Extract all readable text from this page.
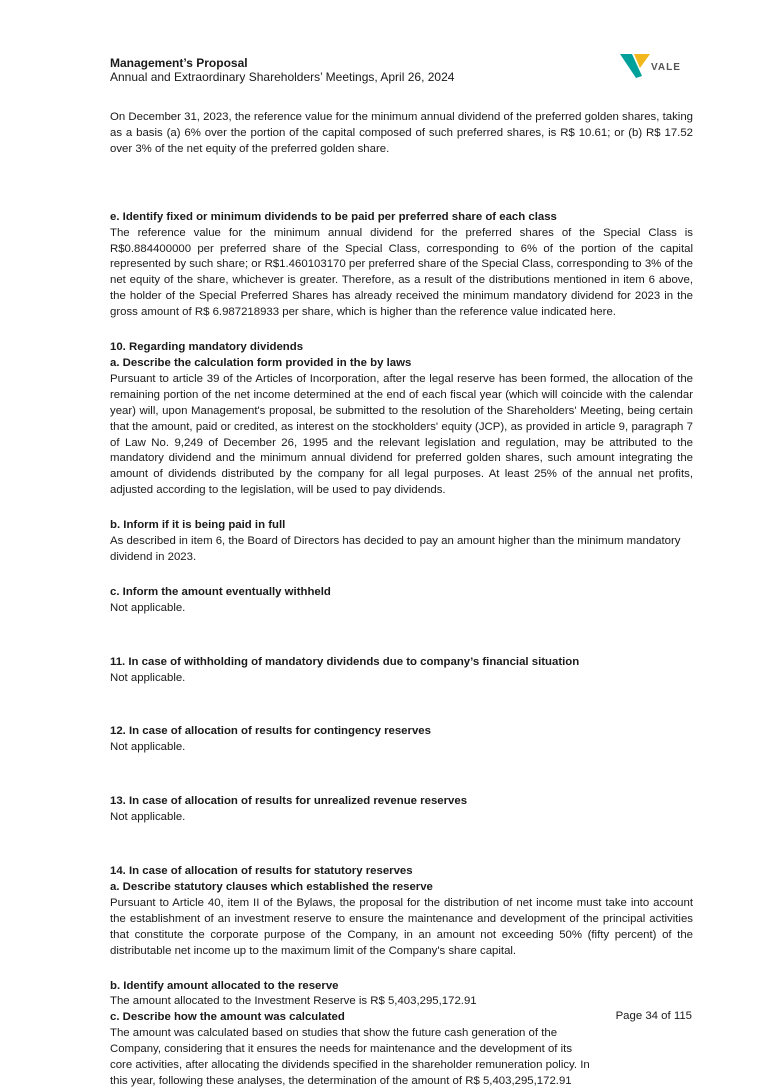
Management’s Proposal
Annual and Extraordinary Shareholders’ Meetings, April 26, 2024
VALE

On December 31, 2023, the reference value for the minimum annual dividend of the preferred golden shares, taking as a basis (a) 6% over the portion of the capital composed of such preferred shares, is R$ 10.61; or (b) R$ 17.52 over 3% of the net equity of the preferred golden share.

e. Identify fixed or minimum dividends to be paid per preferred share of each class

The reference value for the minimum annual dividend for the preferred shares of the Special Class is R$0.884400000 per preferred share of the Special Class, corresponding to 6% of the portion of the capital represented by such share; or R$1.460103170 per preferred share of the Special Class, corresponding to 3% of the net equity of the share, whichever is greater. Therefore, as a result of the distributions mentioned in item 6 above, the holder of the Special Preferred Shares has already received the minimum mandatory dividend for 2023 in the gross amount of R$ 6.987218933 per share, which is higher than the reference value indicated here.

10. Regarding mandatory dividends

a. Describe the calculation form provided in the by laws

Pursuant to article 39 of the Articles of Incorporation, after the legal reserve has been formed, the allocation of the remaining portion of the net income determined at the end of each fiscal year (which will coincide with the calendar year) will, upon Management's proposal, be submitted to the resolution of the Shareholders' Meeting, being certain that the amount, paid or credited, as interest on the stockholders' equity (JCP), as provided in article 9, paragraph 7 of Law No. 9,249 of December 26, 1995 and the relevant legislation and regulation, may be attributed to the mandatory dividend and the minimum annual dividend for preferred golden shares, such amount integrating the amount of dividends distributed by the company for all legal purposes. At least 25% of the annual net profits, adjusted according to the legislation, will be used to pay dividends.

b. Inform if it is being paid in full

As described in item 6, the Board of Directors has decided to pay an amount higher than the minimum mandatory dividend in 2023.

c. Inform the amount eventually withheld

Not applicable.

11. In case of withholding of mandatory dividends due to company’s financial situation

Not applicable.

12. In case of allocation of results for contingency reserves

Not applicable.

13. In case of allocation of results for unrealized revenue reserves

Not applicable.

14. In case of allocation of results for statutory reserves

a. Describe statutory clauses which established the reserve

Pursuant to Article 40, item II of the Bylaws, the proposal for the distribution of net income must take into account the establishment of an investment reserve to ensure the maintenance and development of the principal activities that constitute the corporate purpose of the Company, in an amount not exceeding 50% (fifty percent) of the distributable net income up to the maximum limit of the Company's share capital.

b. Identify amount allocated to the reserve

The amount allocated to the Investment Reserve is R$ 5,403,295,172.91

c. Describe how the amount was calculated

The amount was calculated based on studies that show the future cash generation of the

Company, considering that it ensures the needs for maintenance and the development of its

core activities, after allocating the dividends specified in the shareholder remuneration policy. In

this year, following these analyses, the determination of the amount of R$ 5,403,295,172.91

Page 34 of 115
